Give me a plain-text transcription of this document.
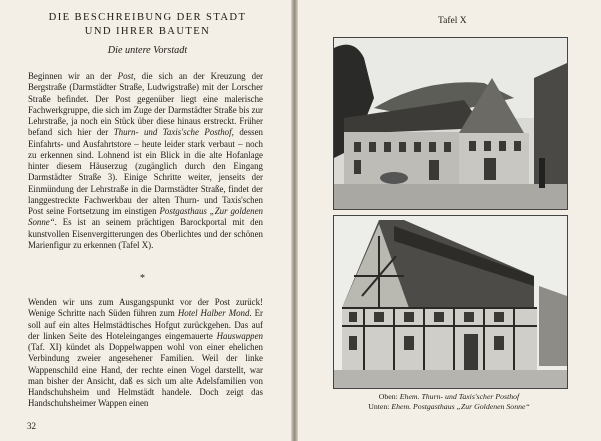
DIE BESCHREIBUNG DER STADT
UND IHRER BAUTEN

Die untere Vorstadt

Beginnen wir an der Post, die sich an der Kreuzung der Bergstraße (Darmstädter Straße, Ludwigstraße) mit der Lorscher Straße befindet. Der Post gegenüber liegt eine malerische Fachwerkgruppe, die sich im Zuge der Darmstädter Straße bis zur Lehrstraße, ja noch ein Stück über diese hinaus erstreckt. Früher befand sich hier der Thurn- und Taxis'sche Posthof, dessen Einfahrts- und Ausfahrtstore – heute leider stark verbaut – noch zu erkennen sind. Lohnend ist ein Blick in die alte Hofanlage hinter diesem Häuserzug (zugänglich durch den Eingang Darmstädter Straße 3). Einige Schritte weiter, jenseits der Einmündung der Lehrstraße in die Darmstädter Straße, findet der langgestreckte Fachwerkbau der alten Thurn- und Taxis'schen Post seine Fortsetzung im einstigen Postgasthaus „Zur goldenen Sonne“. Es ist an seinem prächtigen Barockportal mit den kunstvollen Eisenvergitterungen des Oberlichtes und der schönen Marienfigur zu erkennen (Tafel X).

*

Wenden wir uns zum Ausgangspunkt vor der Post zurück! Wenige Schritte nach Süden führen zum Hotel Halber Mond. Er soll auf ein altes Helmstädtisches Hofgut zurückgehen. Das auf der linken Seite des Hoteleinganges eingemauerte Hauswappen (Taf. XI) kündet als Doppelwappen wohl von einer ehelichen Verbindung zweier angesehener Familien. Weil der linke Wappenschild eine Hand, der rechte einen Vogel darstellt, war man bisher der Ansicht, daß es sich um alte Adelsfamilien von Handschuhsheim und Helmstädt handele. Doch zeigt das Handschuhsheimer Wappen einen

32

Tafel X

Oben: Ehem. Thurn- und Taxis'scher Posthof

Unten: Ehem. Postgasthaus „Zur Goldenen Sonne“
